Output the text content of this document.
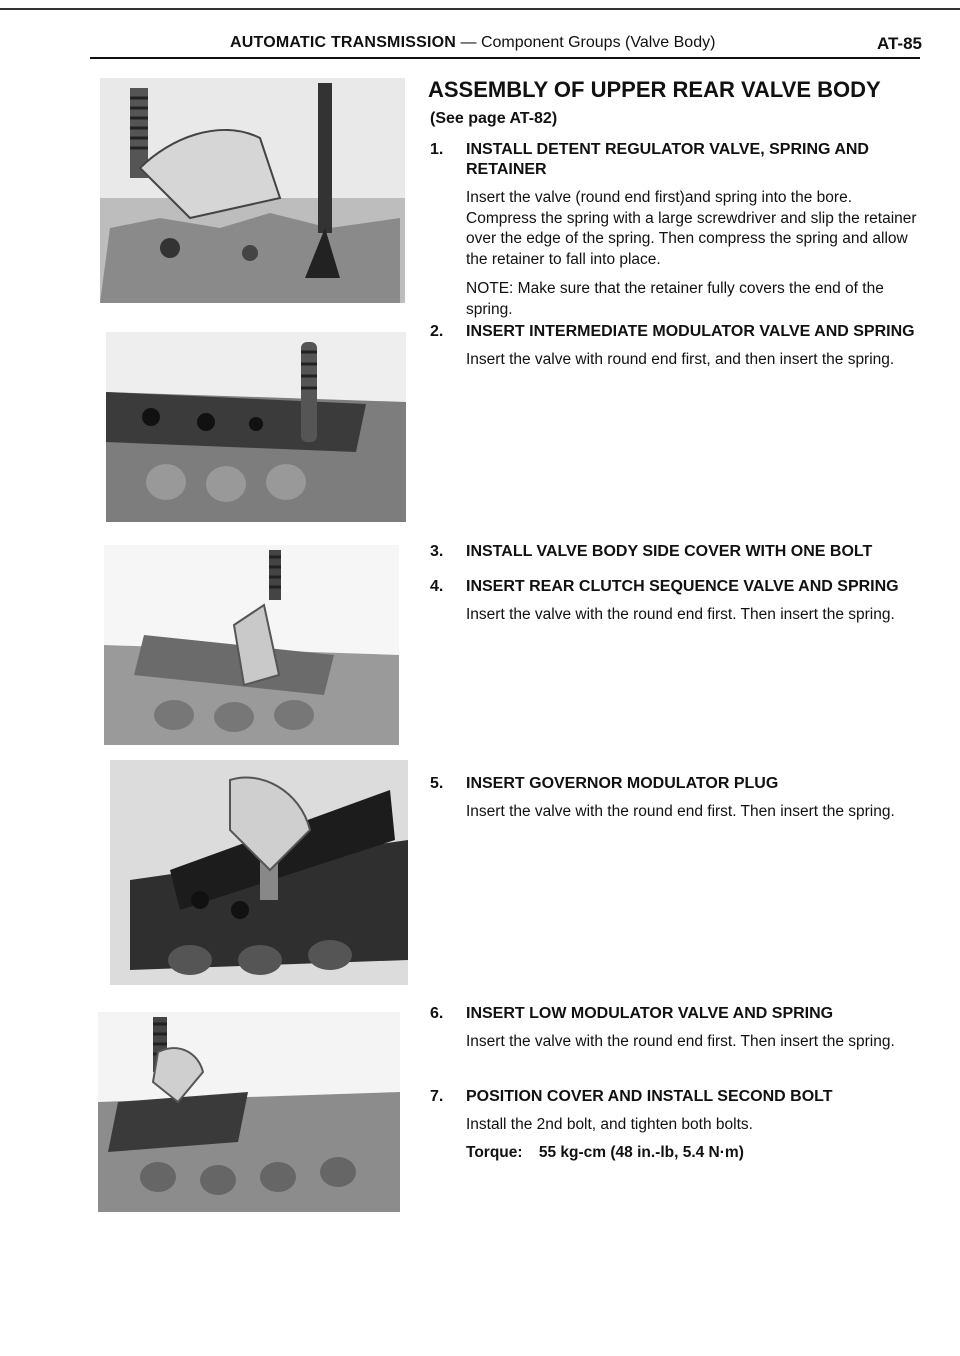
AUTOMATIC TRANSMISSION — Component Groups (Valve Body)	AT-85
ASSEMBLY OF UPPER REAR VALVE BODY
(See page AT-82)
1.	INSTALL DETENT REGULATOR VALVE, SPRING AND RETAINER
Insert the valve (round end first)and spring into the bore. Compress the spring with a large screwdriver and slip the retainer over the edge of the spring. Then compress the spring and allow the retainer to fall into place.
NOTE: Make sure that the retainer fully covers the end of the spring.
2.	INSERT INTERMEDIATE MODULATOR VALVE AND SPRING
Insert the valve with round end first, and then insert the spring.
3.	INSTALL VALVE BODY SIDE COVER WITH ONE BOLT
4.	INSERT REAR CLUTCH SEQUENCE VALVE AND SPRING
Insert the valve with the round end first. Then insert the spring.
5.	INSERT GOVERNOR MODULATOR PLUG
Insert the valve with the round end first. Then insert the spring.
6.	INSERT LOW MODULATOR VALVE AND SPRING
Insert the valve with the round end first. Then insert the spring.
7.	POSITION COVER AND INSTALL SECOND BOLT
Install the 2nd bolt, and tighten both bolts.
Torque: 55 kg-cm (48 in.-lb, 5.4 N·m)
